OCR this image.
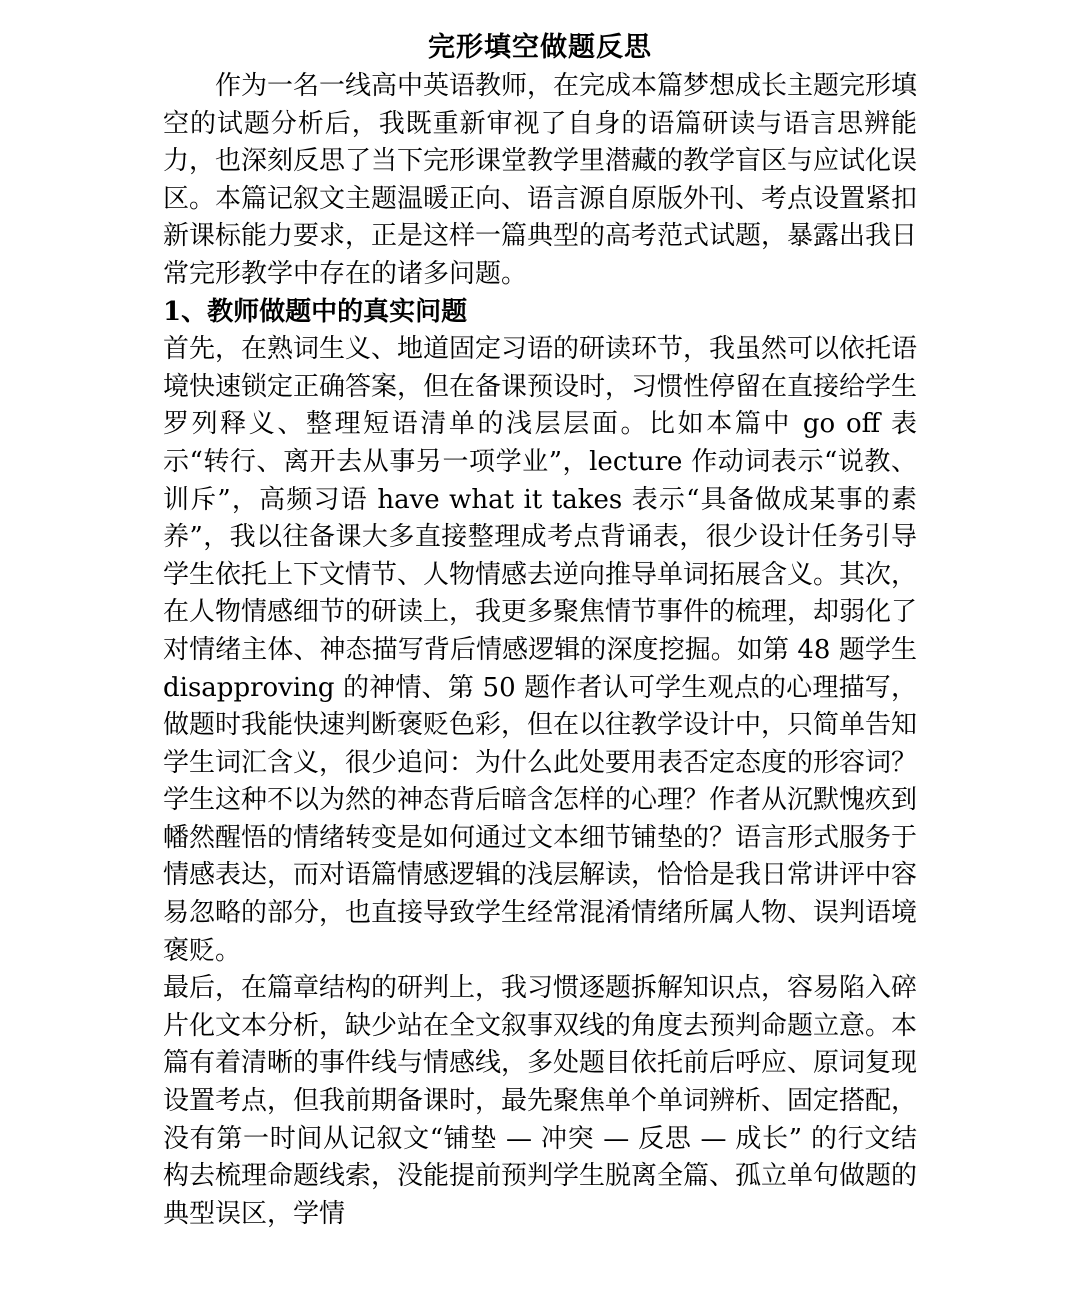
完形填空做题反思

作为一名一线高中英语教师，在完成本篇梦想成长主题完形填空的试题分析后，我既重新审视了自身的语篇研读与语言思辨能力，也深刻反思了当下完形课堂教学里潜藏的教学盲区与应试化误区。本篇记叙文主题温暖正向、语言源自原版外刊、考点设置紧扣新课标能力要求，正是这样一篇典型的高考范式试题，暴露出我日常完形教学中存在的诸多问题。

1、教师做题中的真实问题

首先，在熟词生义、地道固定习语的研读环节，我虽然可以依托语境快速锁定正确答案，但在备课预设时，习惯性停留在直接给学生罗列释义、整理短语清单的浅层层面。比如本篇中 go off 表示“转行、离开去从事另一项学业”，lecture 作动词表示“说教、训斥”，高频习语 have what it takes 表示“具备做成某事的素养”，我以往备课大多直接整理成考点背诵表，很少设计任务引导学生依托上下文情节、人物情感去逆向推导单词拓展含义。其次，在人物情感细节的研读上，我更多聚焦情节事件的梳理，却弱化了对情绪主体、神态描写背后情感逻辑的深度挖掘。如第 48 题学生 disapproving 的神情、第 50 题作者认可学生观点的心理描写，做题时我能快速判断褒贬色彩，但在以往教学设计中，只简单告知学生词汇含义，很少追问：为什么此处要用表否定态度的形容词？学生这种不以为然的神态背后暗含怎样的心理？作者从沉默愧疚到幡然醒悟的情绪转变是如何通过文本细节铺垫的？语言形式服务于情感表达，而对语篇情感逻辑的浅层解读，恰恰是我日常讲评中容易忽略的部分，也直接导致学生经常混淆情绪所属人物、误判语境褒贬。

最后，在篇章结构的研判上，我习惯逐题拆解知识点，容易陷入碎片化文本分析，缺少站在全文叙事双线的角度去预判命题立意。本篇有着清晰的事件线与情感线，多处题目依托前后呼应、原词复现设置考点，但我前期备课时，最先聚焦单个单词辨析、固定搭配，没有第一时间从记叙文“铺垫 — 冲突 — 反思 — 成长” 的行文结构去梳理命题线索，没能提前预判学生脱离全篇、孤立单句做题的典型误区，学情
